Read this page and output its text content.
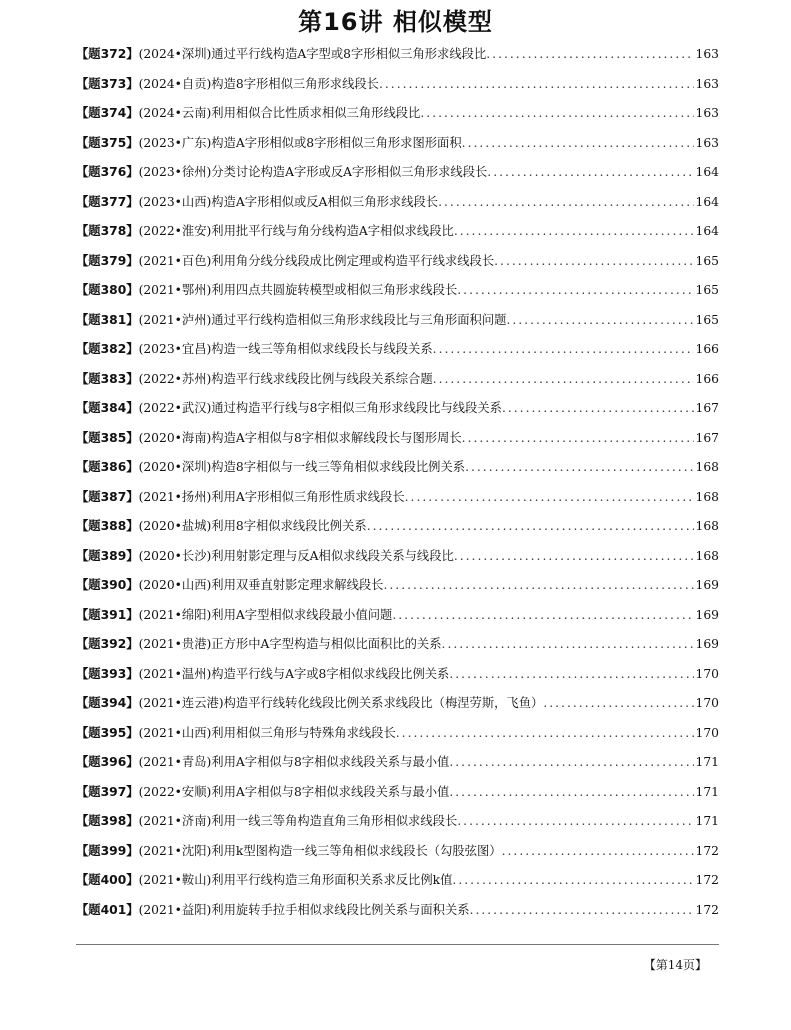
第16讲 相似模型
【题372】 (2024•深圳)通过平行线构造A字型或8字形相似三角形求线段比 .....	163
【题373】 (2024•自贡)构造8字形相似三角形求线段长 .....	163
【题374】 (2024•云南)利用相似合比性质求相似三角形线段比 .....	163
【题375】 (2023•广东)构造A字形相似或8字形相似三角形求图形面积 .....	163
【题376】 (2023•徐州)分类讨论构造A字形或反A字形相似三角形求线段长 .....	164
【题377】 (2023•山西)构造A字形相似或反A相似三角形求线段长 .....	164
【题378】 (2022•淮安)利用批平行线与角分线构造A字相似求线段比 .....	164
【题379】 (2021•百色)利用角分线分线段成比例定理或构造平行线求线段长 .....	165
【题380】 (2021•鄂州)利用四点共圆旋转模型或相似三角形求线段长 .....	165
【题381】 (2021•泸州)通过平行线构造相似三角形求线段比与三角形面积问题 .....	165
【题382】 (2023•宜昌)构造一线三等角相似求线段长与线段关系 .....	166
【题383】 (2022•苏州)构造平行线求线段比例与线段关系综合题 .....	166
【题384】 (2022•武汉)通过构造平行线与8字相似三角形求线段比与线段关系 .....	167
【题385】 (2020•海南)构造A字相似与8字相似求解线段长与图形周长 .....	167
【题386】 (2020•深圳)构造8字相似与一线三等角相似求线段比例关系 .....	168
【题387】 (2021•扬州)利用A字形相似三角形性质求线段长 .....	168
【题388】 (2020•盐城)利用8字相似求线段比例关系 .....	168
【题389】 (2020•长沙)利用射影定理与反A相似求线段关系与线段比 .....	168
【题390】 (2020•山西)利用双垂直射影定理求解线段长 .....	169
【题391】 (2021•绵阳)利用A字型相似求线段最小值问题 .....	169
【题392】 (2021•贵港)正方形中A字型构造与相似比面积比的关系 .....	169
【题393】 (2021•温州)构造平行线与A字或8字相似求线段比例关系 .....	170
【题394】 (2021•连云港)构造平行线转化线段比例关系求线段比（梅涅劳斯，飞鱼） .....	170
【题395】 (2021•山西)利用相似三角形与特殊角求线段长 .....	170
【题396】 (2021•青岛)利用A字相似与8字相似求线段关系与最小值 .....	171
【题397】 (2022•安顺)利用A字相似与8字相似求线段关系与最小值 .....	171
【题398】 (2021•济南)利用一线三等角构造直角三角形相似求线段长 .....	171
【题399】 (2021•沈阳)利用k型图构造一线三等角相似求线段长（勾股弦图） .....	172
【题400】 (2021•鞍山)利用平行线构造三角形面积关系求反比例k值 .....	172
【题401】 (2021•益阳)利用旋转手拉手相似求线段比例关系与面积关系 .....	172
【第14页】
